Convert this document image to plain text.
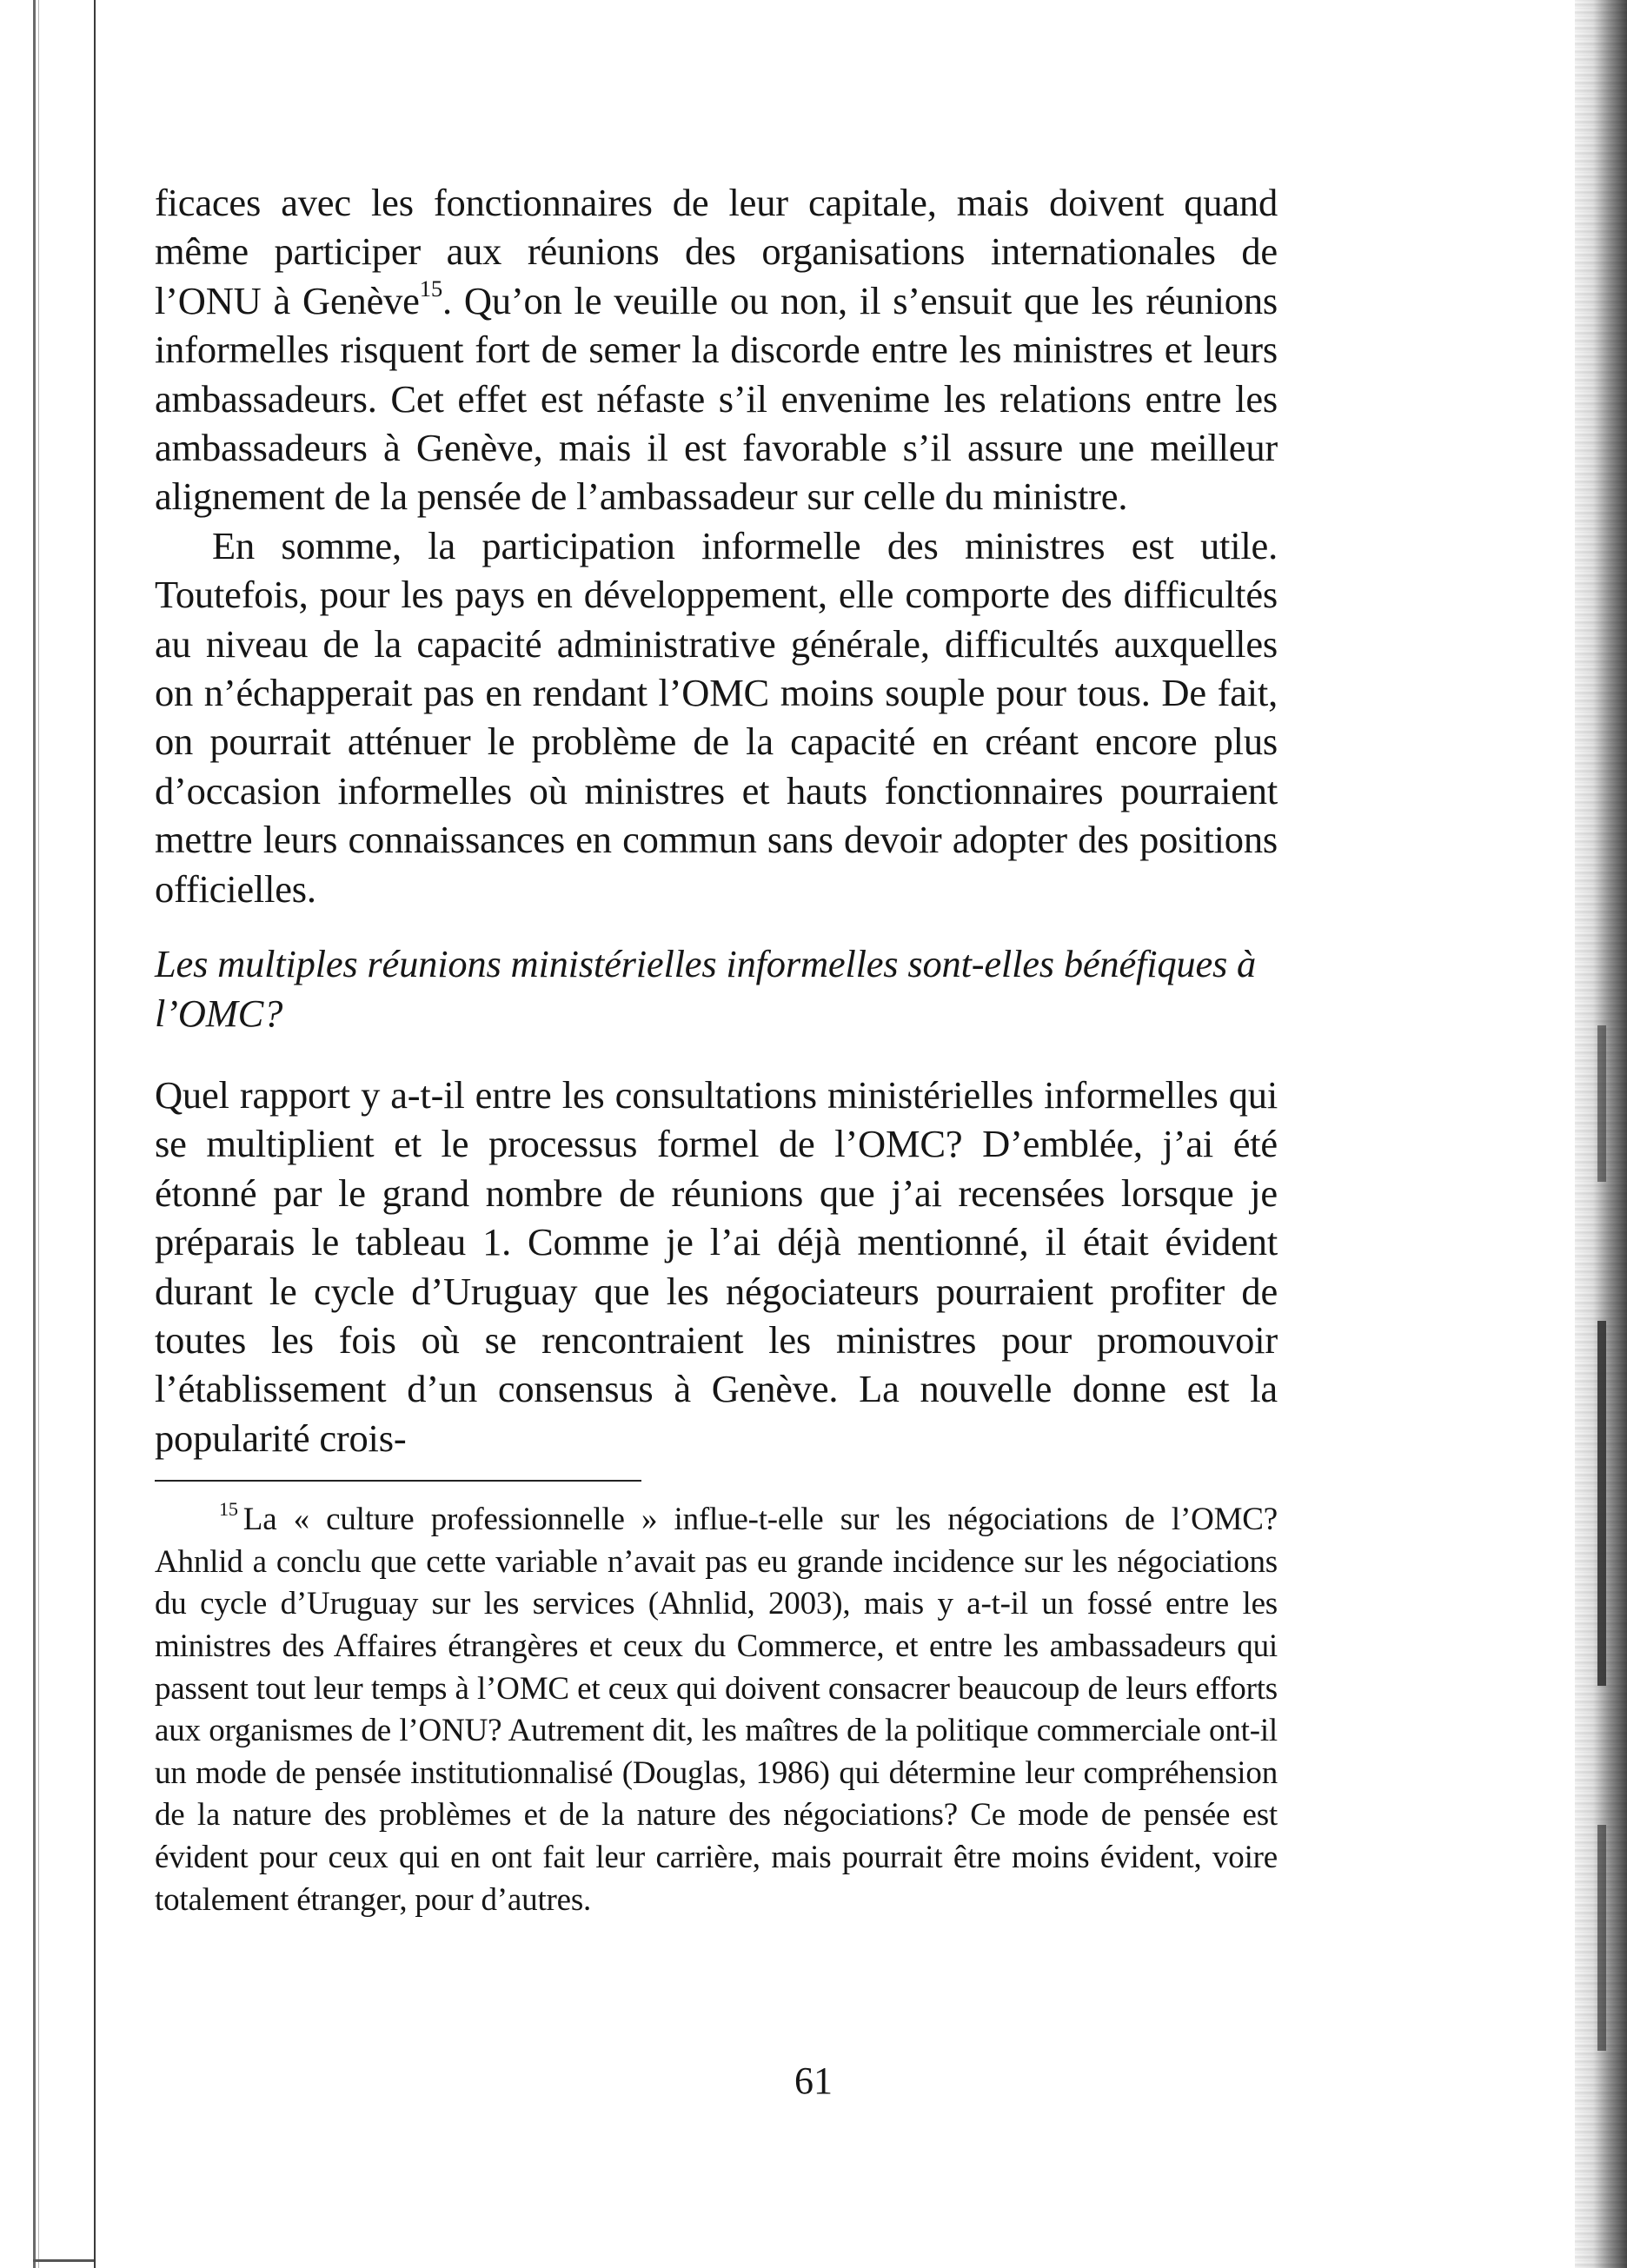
ficaces avec les fonctionnaires de leur capitale, mais doivent quand même participer aux réunions des organisations internationales de l’ONU à Genève$^{15}$. Qu’on le veuille ou non, il s’ensuit que les réunions informelles risquent fort de semer la discorde entre les ministres et leurs ambassadeurs. Cet effet est néfaste s’il envenime les relations entre les ambassadeurs à Genève, mais il est favorable s’il assure une meilleur alignement de la pensée de l’ambassadeur sur celle du ministre.

En somme, la participation informelle des ministres est utile. Toutefois, pour les pays en développement, elle comporte des difficultés au niveau de la capacité administrative générale, difficultés auxquelles on n’échapperait pas en rendant l’OMC moins souple pour tous. De fait, on pourrait atténuer le problème de la capacité en créant encore plus d’occasion informelles où ministres et hauts fonctionnaires pourraient mettre leurs connaissances en commun sans devoir adopter des positions officielles.

Les multiples réunions ministérielles informelles sont-elles bénéfiques à l’OMC?

Quel rapport y a-t-il entre les consultations ministérielles informelles qui se multiplient et le processus formel de l’OMC? D’emblée, j’ai été étonné par le grand nombre de réunions que j’ai recensées lorsque je préparais le tableau 1. Comme je l’ai déjà mentionné, il était évident durant le cycle d’Uruguay que les négociateurs pourraient profiter de toutes les fois où se rencontraient les ministres pour promouvoir l’établissement d’un consensus à Genève. La nouvelle donne est la popularité crois-

$^{15}$ La « culture professionnelle » influe-t-elle sur les négociations de l’OMC? Ahnlid a conclu que cette variable n’avait pas eu grande incidence sur les négociations du cycle d’Uruguay sur les services (Ahnlid, 2003), mais y a-t-il un fossé entre les ministres des Affaires étrangères et ceux du Commerce, et entre les ambassadeurs qui passent tout leur temps à l’OMC et ceux qui doivent consacrer beaucoup de leurs efforts aux organismes de l’ONU? Autrement dit, les maîtres de la politique commerciale ont-il un mode de pensée institutionnalisé (Douglas, 1986) qui détermine leur compréhension de la nature des problèmes et de la nature des négociations? Ce mode de pensée est évident pour ceux qui en ont fait leur carrière, mais pourrait être moins évident, voire totalement étranger, pour d’autres.

61
